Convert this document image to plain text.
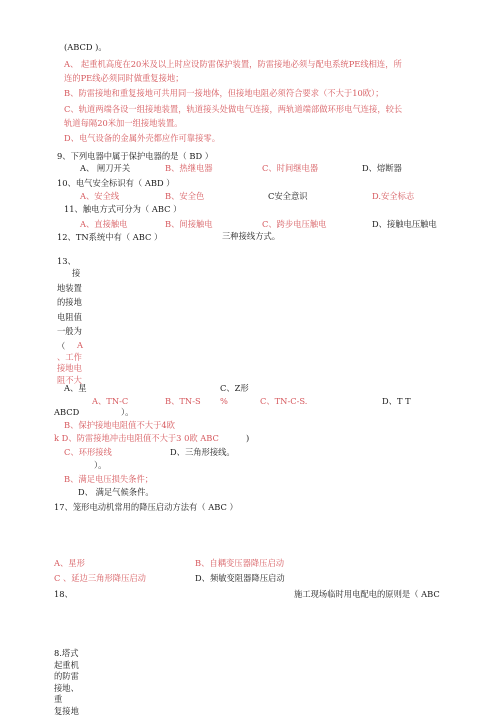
(ABCD )。
A、 起重机高度在20米及以上时应设防雷保护装置，防雷接地必须与配电系统PE线相连，所
连的PE线必须同时做重复接地；
B、防雷接地和重复接地可共用同一接地体，但接地电阻必须符合要求（不大于10欧）；
C、轨道两端各设一组接地装置，轨道接头处做电气连接，两轨道端部做环形电气连接，较长
轨道每隔20米加一组接地装置。
D、电气设备的金属外壳都应作可靠接零。
9、下列电器中属于保护电器的是（ BD ）
A、 闸刀开关	B、热继电器	C、时间继电器	D、熔断器
10、电气安全标识有（ ABD ）
A、安全线	B、安全色	C安全意识	D.安全标志
11、触电方式可分为（ ABC ）
A、直接触电	B、间接触电	C、跨步电压触电	D、接触电压触电
12、TN系统中有（ ABC ）	三种接线方式。
13、
接
地装置
的接地
电阻值
一般为
（	A
、工作
接地电
阻不大
A、星	C、Z形
A、TN-C	B、TN-S %	C、TN-C-S.	D、T T
ABCD	）。
B、保护接地电阻值不大于4欧
k D、防雷接地冲击电阻值不大于3 0欧 ABC	)
C、环形接线	D、三角形接线。
）。
B、满足电压损失条件；
D、 满足气候条件。
17、笼形电动机常用的降压启动方法有（ ABC ）
A、星形	B、自耦变压器降压启动
C 、延边三角形降压启动	D、频敏变阻器降压启动
18、	施工现场临时用电配电的原则是（ ABC
8.塔式
起重机
的防雷
接地、
重
复接地
